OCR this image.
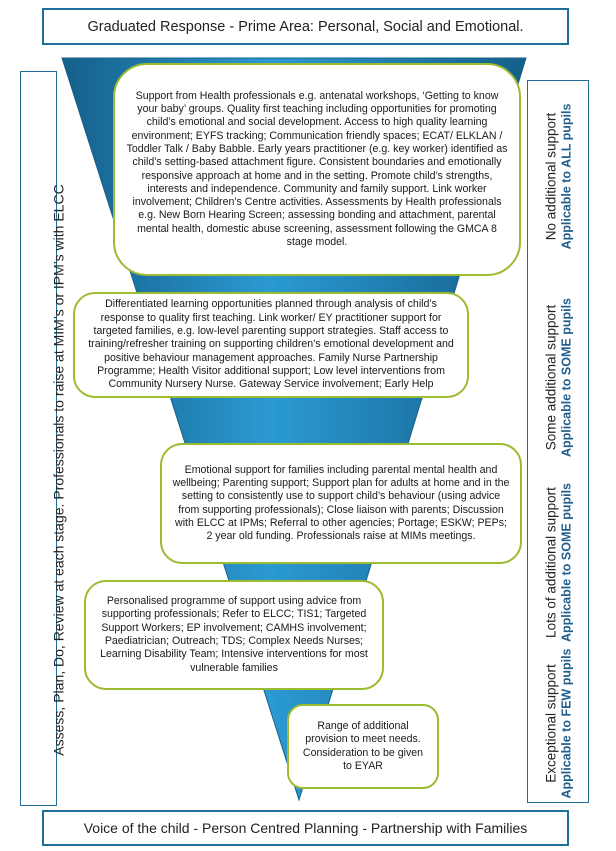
Graduated Response - Prime Area: Personal, Social and Emotional.
Assess, Plan, Do, Review at each stage. Professionals to raise at MIM’s or IPM’s with ELCC
No additional support Applicable to ALL pupils
Some additional support Applicable to SOME pupils
Lots of additional support Applicable to SOME pupils
Exceptional support Applicable to FEW pupils
Support from Health professionals e.g. antenatal workshops, ‘Getting to know your baby’ groups. Quality first teaching including opportunities for promoting child’s emotional and social development. Access to high quality learning environment; EYFS tracking; Communication friendly spaces; ECAT/ ELKLAN / Toddler Talk / Baby Babble. Early years practitioner (e.g. key worker) identified as child’s setting-based attachment figure. Consistent boundaries and emotionally responsive approach at home and in the setting. Promote child’s strengths, interests and independence. Community and family support. Link worker involvement; Children’s Centre activities. Assessments by Health professionals e.g. New Born Hearing Screen; assessing bonding and attachment, parental mental health, domestic abuse screening, assessment following the GMCA 8 stage model.
Differentiated learning opportunities planned through analysis of child’s response to quality first teaching. Link worker/ EY practitioner support for targeted families, e.g. low-level parenting support strategies. Staff access to training/refresher training on supporting children’s emotional development and positive behaviour management approaches. Family Nurse Partnership Programme; Health Visitor additional support; Low level interventions from Community Nursery Nurse. Gateway Service involvement; Early Help
Emotional support for families including parental mental health and wellbeing; Parenting support; Support plan for adults at home and in the setting to consistently use to support child’s behaviour (using advice from supporting professionals); Close liaison with parents; Discussion with ELCC at IPMs; Referral to other agencies; Portage; ESKW; PEPs; 2 year old funding. Professionals raise at MIMs meetings.
Personalised programme of support using advice from supporting professionals; Refer to ELCC; TIS1; Targeted Support Workers; EP involvement; CAMHS involvement; Paediatrician; Outreach; TDS; Complex Needs Nurses; Learning Disability Team; Intensive interventions for most vulnerable families
Range of additional provision to meet needs. Consideration to be given to EYAR
Voice of the child - Person Centred Planning - Partnership with Families
